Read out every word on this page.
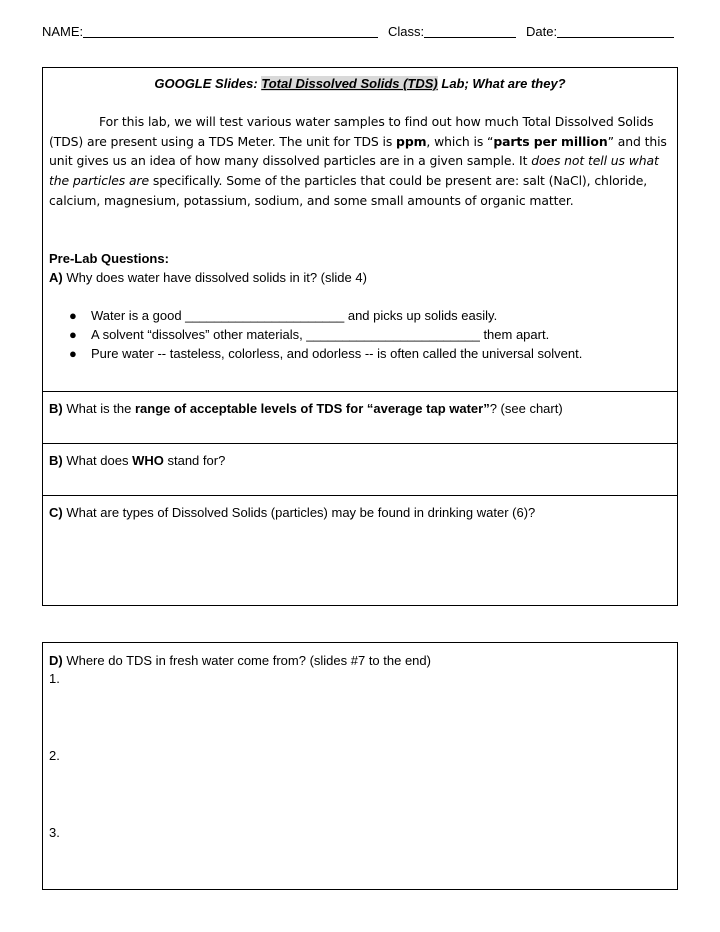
NAME:	Class:	Date:
GOOGLE Slides: Total Dissolved Solids (TDS) Lab; What are they?
For this lab, we will test various water samples to find out how much Total Dissolved Solids (TDS) are present using a TDS Meter. The unit for TDS is ppm, which is “parts per million” and this unit gives us an idea of how many dissolved particles are in a given sample. It does not tell us what the particles are specifically. Some of the particles that could be present are: salt (NaCl), chloride, calcium, magnesium, potassium, sodium, and some small amounts of organic matter.
Pre-Lab Questions:
A) Why does water have dissolved solids in it? (slide 4)
● Water is a good ______________________ and picks up solids easily.
● A solvent “dissolves” other materials, ________________________ them apart.
● Pure water -- tasteless, colorless, and odorless -- is often called the universal solvent.
B) What is the range of acceptable levels of TDS for “average tap water”? (see chart)
B) What does WHO stand for?
C) What are types of Dissolved Solids (particles) may be found in drinking water (6)?
D) Where do TDS in fresh water come from? (slides #7 to the end)
1.
2.
3.
